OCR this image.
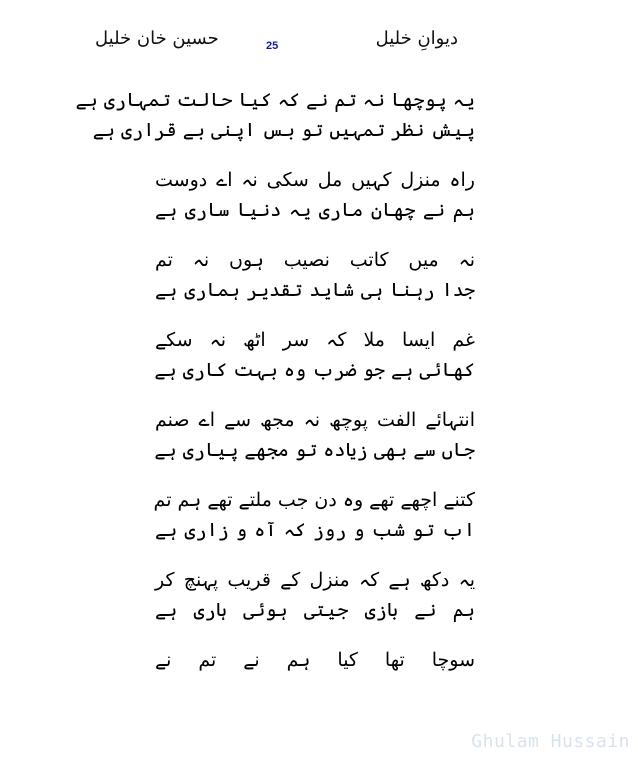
حسین خان خلیل	25	دیوانِ خلیل
یہ پوچھا نہ تم نے کہ کیا حالت تمہاری ہے
پیش نظر تمہیں تو بس اپنی بے قراری ہے
راہ منزل کہیں مل سکی نہ اے دوست
ہم نے چھان ماری یہ دنیا ساری ہے
نہ میں کاتب نصیب ہوں نہ تم
جدا رہنا ہی شاید تقدیر ہماری ہے
غم ایسا ملا کہ سر اٹھ نہ سکے
کھائی ہے جو ضرب وہ بہت کاری ہے
انتہائے الفت پوچھ نہ مجھ سے اے صنم
جاں سے بھی زیادہ تو مجھے پیاری ہے
کتنے اچھے تھے وہ دن جب ملتے تھے ہم تم
اب تو شب و روز کہ آہ و زاری ہے
یہ دکھ ہے کہ منزل کے قریب پہنچ کر
ہم نے بازی جیتی ہوئی ہاری ہے
سوچا تھا کیا ہم نے تم نے
Ghulam Hussain
